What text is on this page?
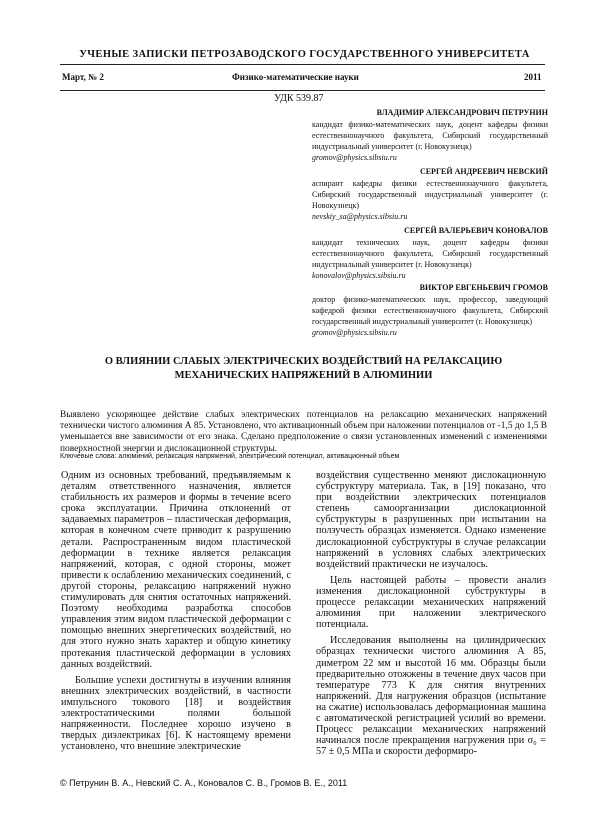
УЧЕНЫЕ ЗАПИСКИ ПЕТРОЗАВОДСКОГО ГОСУДАРСТВЕННОГО УНИВЕРСИТЕТА
Март, № 2	Физико-математические науки	2011
УДК 539.87
ВЛАДИМИР АЛЕКСАНДРОВИЧ ПЕТРУНИН
кандидат физико-математических наук, доцент кафедры физики естественнонаучного факультета, Сибирский государственный индустриальный университет (г. Новокузнецк)
gromov@physics.sibsiu.ru
СЕРГЕЙ АНДРЕЕВИЧ НЕВСКИЙ
аспирант кафедры физики естественнонаучного факультета, Сибирский государственный индустриальный университет (г. Новокузнецк)
nevskiy_sa@physics.sibsiu.ru
СЕРГЕЙ ВАЛЕРЬЕВИЧ КОНОВАЛОВ
кандидат технических наук, доцент кафедры физики естественнонаучного факультета, Сибирский государственный индустриальный университет (г. Новокузнецк)
konovalov@physics.sibsiu.ru
ВИКТОР ЕВГЕНЬЕВИЧ ГРОМОВ
доктор физико-математических наук, профессор, заведующий кафедрой физики естественнонаучного факультета, Сибирский государственный индустриальный университет (г. Новокузнецк)
gromov@physics.sibsiu.ru
О ВЛИЯНИИ СЛАБЫХ ЭЛЕКТРИЧЕСКИХ ВОЗДЕЙСТВИЙ НА РЕЛАКСАЦИЮ МЕХАНИЧЕСКИХ НАПРЯЖЕНИЙ В АЛЮМИНИИ
Выявлено ускоряющее действие слабых электрических потенциалов на релаксацию механических напряжений технически чистого алюминия А 85. Установлено, что активационный объем при наложении потенциалов от -1,5 до 1,5 В уменьшается вне зависимости от его знака. Сделано предположение о связи установленных изменений с изменениями поверхностной энергии и дислокационной структуры.
Ключевые слова: алюминий, релаксация напряжений, электрический потенциал, активационный объем

Одним из основных требований, предъявляемым к деталям ответственного назначения, является стабильность их размеров и формы в течение всего срока эксплуатации. Причина отклонений от задаваемых параметров – пластическая деформация, которая в конечном счете приводит к разрушению детали. Распространенным видом пластической деформации в технике является релаксация напряжений, которая, с одной стороны, может привести к ослаблению механических соединений, с другой стороны, релаксацию напряжений нужно стимулировать для снятия остаточных напряжений. Поэтому необходима разработка способов управления этим видом пластической деформации с помощью внешних энергетических воздействий, но для этого нужно знать характер и общую кинетику протекания пластической деформации в условиях данных воздействий.

Большие успехи достигнуты в изучении влияния внешних электрических воздействий, в частности импульсного токового [18] и воздействия электростатическими полями большой напряженности. Последнее хорошо изучено в твердых диэлектриках [6]. К настоящему времени установлено, что внешние электрические

воздействия существенно меняют дислокационную субструктуру материала. Так, в [19] показано, что при воздействии электрических потенциалов степень самоорганизации дислокационной субструктуры в разрушенных при испытании на ползучесть образцах изменяется. Однако изменение дислокационной субструктуры в случае релаксации напряжений в условиях слабых электрических воздействий практически не изучалось.

Цель настоящей работы – провести анализ изменения дислокационной субструктуры в процессе релаксации механических напряжений алюминия при наложении электрического потенциала.

Исследования выполнены на цилиндрических образцах технически чистого алюминия А 85, диметром 22 мм и высотой 16 мм. Образцы были предварительно отожжены в течение двух часов при температуре 773 К для снятия внутренних напряжений. Для нагружения образцов (испытание на сжатие) использовалась деформационная машина с автоматической регистрацией усилий во времени. Процесс релаксации механических напряжений начинался после прекращения нагружения при σ₀ = 57 ± 0,5 МПа и скорости деформиро-

© Петрунин В. А., Невский С. А., Коновалов С. В., Громов В. Е., 2011
